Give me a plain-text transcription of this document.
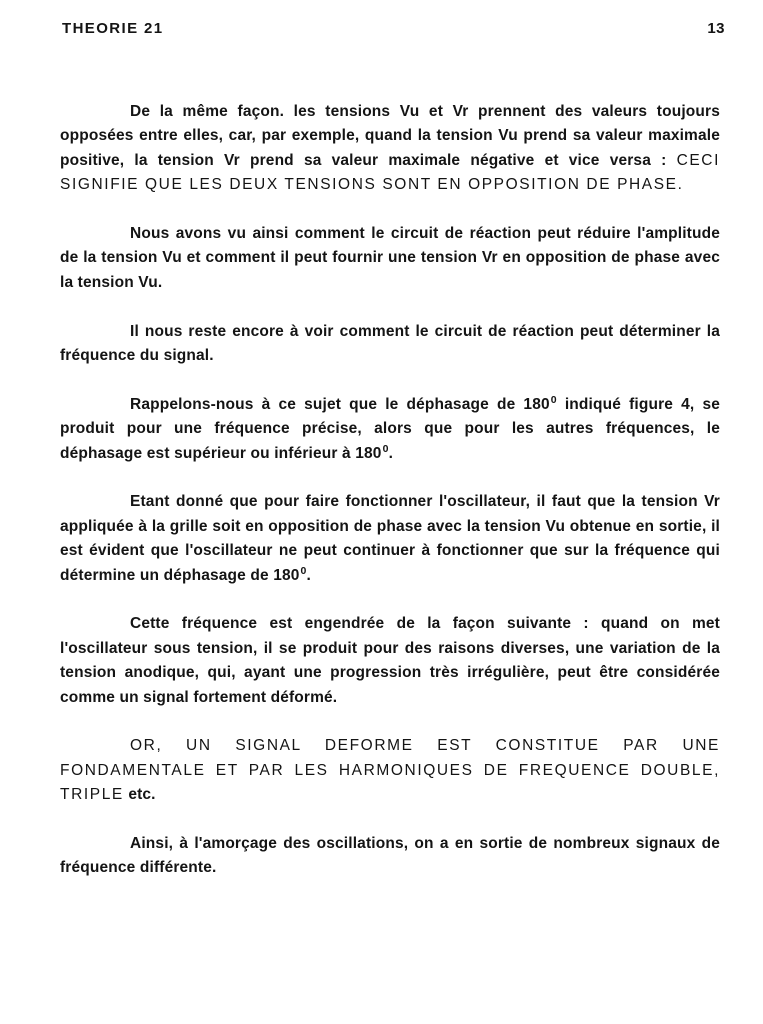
THEORIE 21	13

De la même façon. les tensions Vu et Vr prennent des valeurs toujours opposées entre elles, car, par exemple, quand la tension Vu prend sa valeur maximale positive, la tension Vr prend sa valeur maximale négative et vice versa : CECI SIGNIFIE QUE LES DEUX TENSIONS SONT EN OPPOSITION DE PHASE.

Nous avons vu ainsi comment le circuit de réaction peut réduire l'amplitude de la tension Vu et comment il peut fournir une tension Vr en opposition de phase avec la tension Vu.

Il nous reste encore à voir comment le circuit de réaction peut déterminer la fréquence du signal.

Rappelons-nous à ce sujet que le déphasage de $180^0$ indiqué figure 4, se produit pour une fréquence précise, alors que pour les autres fréquences, le déphasage est supérieur ou inférieur à $180^0$.

Etant donné que pour faire fonctionner l'oscillateur, il faut que la tension Vr appliquée à la grille soit en opposition de phase avec la tension Vu obtenue en sortie, il est évident que l'oscillateur ne peut continuer à fonctionner que sur la fréquence qui détermine un déphasage de $180^0$.

Cette fréquence est engendrée de la façon suivante : quand on met l'oscillateur sous tension, il se produit pour des raisons diverses, une variation de la tension anodique, qui, ayant une progression très irrégulière, peut être considérée comme un signal fortement déformé.

OR, UN SIGNAL DEFORME EST CONSTITUE PAR UNE FONDAMENTALE ET PAR LES HARMONIQUES DE FREQUENCE DOUBLE, TRIPLE etc.

Ainsi, à l'amorçage des oscillations, on a en sortie de nombreux signaux de fréquence différente.
